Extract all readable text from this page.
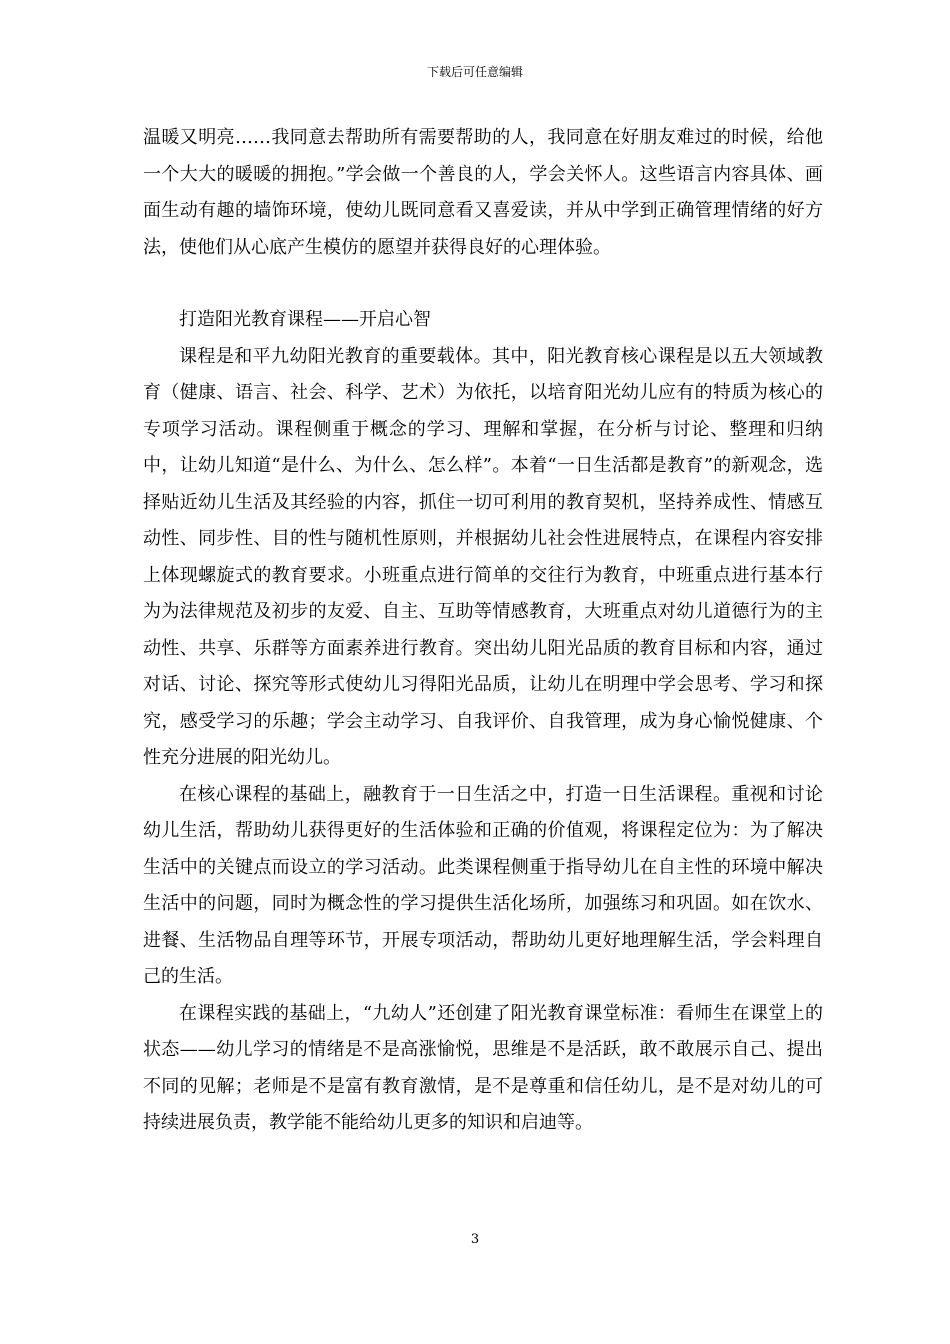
下载后可任意编辑

温暖又明亮……我同意去帮助所有需要帮助的人，我同意在好朋友难过的时候，给他一个大大的暖暖的拥抱。”学会做一个善良的人，学会关怀人。这些语言内容具体、画面生动有趣的墙饰环境，使幼儿既同意看又喜爱读，并从中学到正确管理情绪的好方法，使他们从心底产生模仿的愿望并获得良好的心理体验。

打造阳光教育课程——开启心智

课程是和平九幼阳光教育的重要载体。其中，阳光教育核心课程是以五大领域教育（健康、语言、社会、科学、艺术）为依托，以培育阳光幼儿应有的特质为核心的专项学习活动。课程侧重于概念的学习、理解和掌握，在分析与讨论、整理和归纳中，让幼儿知道“是什么、为什么、怎么样”。本着“一日生活都是教育”的新观念，选择贴近幼儿生活及其经验的内容，抓住一切可利用的教育契机，坚持养成性、情感互动性、同步性、目的性与随机性原则，并根据幼儿社会性进展特点，在课程内容安排上体现螺旋式的教育要求。小班重点进行简单的交往行为教育，中班重点进行基本行为为法律规范及初步的友爱、自主、互助等情感教育，大班重点对幼儿道德行为的主动性、共享、乐群等方面素养进行教育。突出幼儿阳光品质的教育目标和内容，通过对话、讨论、探究等形式使幼儿习得阳光品质，让幼儿在明理中学会思考、学习和探究，感受学习的乐趣；学会主动学习、自我评价、自我管理，成为身心愉悦健康、个性充分进展的阳光幼儿。

在核心课程的基础上，融教育于一日生活之中，打造一日生活课程。重视和讨论幼儿生活，帮助幼儿获得更好的生活体验和正确的价值观，将课程定位为：为了解决生活中的关键点而设立的学习活动。此类课程侧重于指导幼儿在自主性的环境中解决生活中的问题，同时为概念性的学习提供生活化场所，加强练习和巩固。如在饮水、进餐、生活物品自理等环节，开展专项活动，帮助幼儿更好地理解生活，学会料理自己的生活。

在课程实践的基础上，“九幼人”还创建了阳光教育课堂标准：看师生在课堂上的状态——幼儿学习的情绪是不是高涨愉悦，思维是不是活跃，敢不敢展示自己、提出不同的见解；老师是不是富有教育激情，是不是尊重和信任幼儿，是不是对幼儿的可持续进展负责，教学能不能给幼儿更多的知识和启迪等。

3
